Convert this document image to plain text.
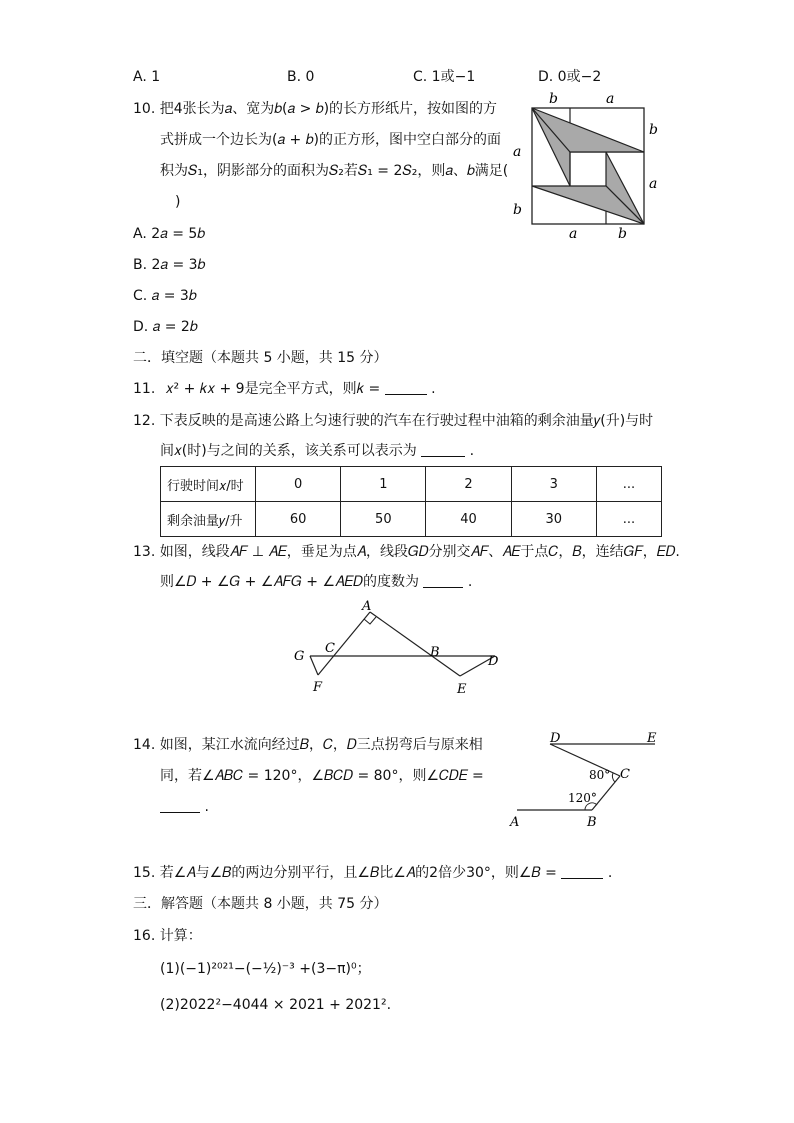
A. 1	B. 0	C. 1或−1	D. 0或−2
10. 把4张长为𝑎、宽为𝑏(𝑎 > 𝑏)的长方形纸片，按如图的方
式拼成一个边长为(𝑎 + 𝑏)的正方形，图中空白部分的面
积为𝑆₁，阴影部分的面积为𝑆₂若𝑆₁ = 2𝑆₂，则𝑎、𝑏满足(
)
A. 2𝑎 = 5𝑏
B. 2𝑎 = 3𝑏
C. 𝑎 = 3𝑏
D. 𝑎 = 2𝑏
b	a
b
a
a
b
a	b
二．填空题（本题共 5 小题，共 15 分）
11. 𝑥² + 𝑘𝑥 + 9是完全平方式，则𝑘 =	.
12. 下表反映的是高速公路上匀速行驶的汽车在行驶过程中油箱的剩余油量𝑦(升)与时
间𝑥(时)与之间的关系，该关系可以表示为	.
行驶时间𝑥/时	0	1	2	3	...
剩余油量𝑦/升	60	50	40	30	...
13. 如图，线段𝐴𝐹 ⊥ 𝐴𝐸，垂足为点𝐴，线段𝐺𝐷分别交𝐴𝐹、𝐴𝐸于点𝐶，𝐵，连结𝐺𝐹，𝐸𝐷.
则∠𝐷 + ∠𝐺 + ∠𝐴𝐹𝐺 + ∠𝐴𝐸𝐷的度数为	.
A
G
C	B
D
F	E
14. 如图，某江水流向经过𝐵，𝐶，𝐷三点拐弯后与原来相
同，若∠𝐴𝐵𝐶 = 120°，∠𝐵𝐶𝐷 = 80°，则∠𝐶𝐷𝐸 =
.
D	E
C
A	B
80°
120°
15. 若∠𝐴与∠𝐵的两边分别平行，且∠𝐵比∠𝐴的2倍少30°，则∠𝐵 =	.
三．解答题（本题共 8 小题，共 75 分）
16. 计算：
(1)(−1)²⁰²¹−(−½)⁻³ +(3−π)⁰；
(2)2022²−4044 × 2021 + 2021².
